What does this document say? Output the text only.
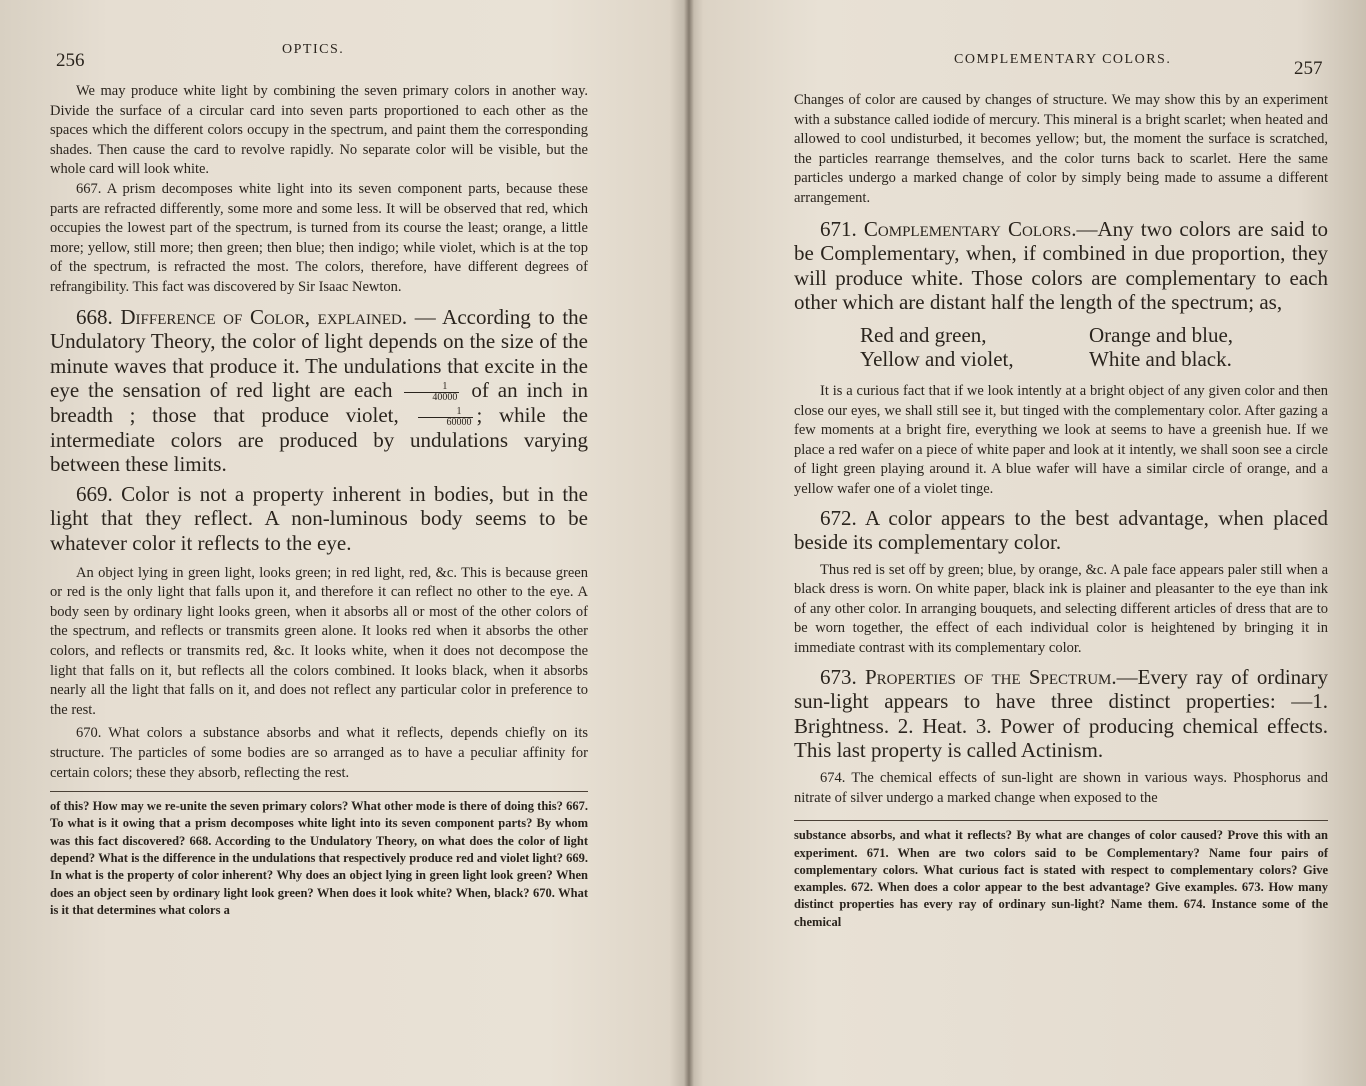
256
OPTICS.

We may produce white light by combining the seven primary colors in another way. Divide the surface of a circular card into seven parts proportioned to each other as the spaces which the different colors occupy in the spectrum, and paint them the corresponding shades. Then cause the card to revolve rapidly. No separate color will be visible, but the whole card will look white.

667. A prism decomposes white light into its seven component parts, because these parts are refracted differently, some more and some less. It will be observed that red, which occupies the lowest part of the spectrum, is turned from its course the least; orange, a little more; yellow, still more; then green; then blue; then indigo; while violet, which is at the top of the spectrum, is refracted the most. The colors, therefore, have different degrees of refrangibility. This fact was discovered by Sir Isaac Newton.

668. Difference of Color, explained. — According to the Undulatory Theory, the color of light depends on the size of the minute waves that produce it. The undulations that excite in the eye the sensation of red light are each $\frac{1}{40000}$ of an inch in breadth ; those that produce violet, $\frac{1}{60000}$ ; while the intermediate colors are produced by undulations varying between these limits.

669. Color is not a property inherent in bodies, but in the light that they reflect. A non-luminous body seems to be whatever color it reflects to the eye.

An object lying in green light, looks green; in red light, red, &c. This is because green or red is the only light that falls upon it, and therefore it can reflect no other to the eye. A body seen by ordinary light looks green, when it absorbs all or most of the other colors of the spectrum, and reflects or transmits green alone. It looks red when it absorbs the other colors, and reflects or transmits red, &c. It looks white, when it does not decompose the light that falls on it, but reflects all the colors combined. It looks black, when it absorbs nearly all the light that falls on it, and does not reflect any particular color in preference to the rest.

670. What colors a substance absorbs and what it reflects, depends chiefly on its structure. The particles of some bodies are so arranged as to have a peculiar affinity for certain colors; these they absorb, reflecting the rest.

of this? How may we re-unite the seven primary colors? What other mode is there of doing this? 667. To what is it owing that a prism decomposes white light into its seven component parts? By whom was this fact discovered? 668. According to the Undulatory Theory, on what does the color of light depend? What is the difference in the undulations that respectively produce red and violet light? 669. In what is the property of color inherent? Why does an object lying in green light look green? When does an object seen by ordinary light look green? When does it look white? When, black? 670. What is it that determines what colors a

COMPLEMENTARY COLORS.	257

Changes of color are caused by changes of structure. We may show this by an experiment with a substance called iodide of mercury. This mineral is a bright scarlet; when heated and allowed to cool undisturbed, it becomes yellow; but, the moment the surface is scratched, the particles rearrange themselves, and the color turns back to scarlet. Here the same particles undergo a marked change of color by simply being made to assume a different arrangement.

671. Complementary Colors.—Any two colors are said to be Complementary, when, if combined in due proportion, they will produce white. Those colors are complementary to each other which are distant half the length of the spectrum; as,

Red and green,	Orange and blue,
Yellow and violet,	White and black.

It is a curious fact that if we look intently at a bright object of any given color and then close our eyes, we shall still see it, but tinged with the complementary color. After gazing a few moments at a bright fire, everything we look at seems to have a greenish hue. If we place a red wafer on a piece of white paper and look at it intently, we shall soon see a circle of light green playing around it. A blue wafer will have a similar circle of orange, and a yellow wafer one of a violet tinge.

672. A color appears to the best advantage, when placed beside its complementary color.

Thus red is set off by green; blue, by orange, &c. A pale face appears paler still when a black dress is worn. On white paper, black ink is plainer and pleasanter to the eye than ink of any other color. In arranging bouquets, and selecting different articles of dress that are to be worn together, the effect of each individual color is heightened by bringing it in immediate contrast with its complementary color.

673. Properties of the Spectrum.—Every ray of ordinary sun-light appears to have three distinct properties: —1. Brightness. 2. Heat. 3. Power of producing chemical effects. This last property is called Actinism.

674. The chemical effects of sun-light are shown in various ways. Phosphorus and nitrate of silver undergo a marked change when exposed to the

substance absorbs, and what it reflects? By what are changes of color caused? Prove this with an experiment. 671. When are two colors said to be Complementary? Name four pairs of complementary colors. What curious fact is stated with respect to complementary colors? Give examples. 672. When does a color appear to the best advantage? Give examples. 673. How many distinct properties has every ray of ordinary sun-light? Name them. 674. Instance some of the chemical
